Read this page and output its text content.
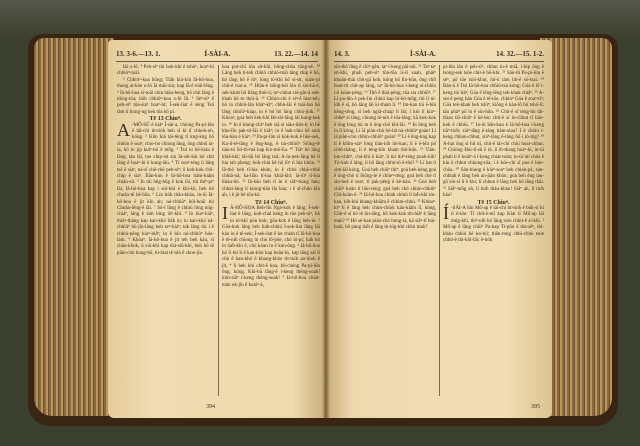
13. 3-6.—13. 1.	Í-SÀI-A.	13. 22.—14. 14

lâi o-lô. ⁴ Peh-sìⁿ tùi hok-khì ê tshùⁿ, hoaⁿ-hí chhiòⁿ-toāi.

⁵ Chhiòⁿ-koa hōng; Tiāh kiù-kiù Iâ-hô-hoa, thong ai-kòe o-lô Iâ mūi-sin; kap Iâ-ê toāi-lêng. ⁶ Iâ-hô-hoa sī-toāi chin hiān-beng, hō chit lāng ê tiōng-tōa; tióh chhiòⁿ-koa o-lô Iâ. ⁶ Sèⁿ-sìⁿ ê peh-sìⁿ tōa-siaⁿ hoaⁿ-hí; Í-sek-liat ê sèng Tsú tàm tī tiong-ng kek tōa hō pí.

Tē 13 Chiuⁿ.

A -MÔ-SÛ ê kiáⁿ Í-sài-a, chiong Pa-pí-lûn ê tāi-chì tit-tióh beh sí kì tī chhoh-oh, kóng. ² Kûn kiâ tāi-tēng tī kng-kng hō chhùn ê soaⁿ; chio-ho chiong lâng, ōng chhiú ia-ia, hō in jíp kuiⁿ-bō ê mn̂g. ³ Tsú to bē-kiàn ê lâng, tāu lâi, toe chip-sit sin Iâ-sût-kài hō chit lâng ê hoaⁿ-hí ê kong-iāu. ⁴ Tī soaⁿ-téng ū lâng tsē ê siaⁿ, ná-sī chē-chē peh-sìⁿ; ū kok-kok chū-chip ê siaⁿ. Bān-kun ê Iâ-hô-hoa tiám-kiám chiàn-sū. ⁵ In tùi hn̄g-hn̄g ê kok lâi, tùi thiⁿ-piⁿ lâi, Iâ-hô-hoa kap i siū-khì ê khì-kū, beh hō choân-tē bê-bôa. ⁶ Lín tióh thâu-khàu, in-ūi Iâ-hô-hoa ê jit kīn ah; ná-chhiūⁿ húi-hoāi tùi Choân-lêng-ê lâi. ⁷ Só͘-í lâng ê chhiú lóng nńg-chiáⁿ, lâng ê sim lóng iûⁿ-khì. ⁸ In kiaⁿ-hiâⁿ, thiàⁿ-thàng kap kan-khó͘ liâh in; in kan-khó͘ ná-chhiūⁿ hū-jîn-lâng beh seⁿ-kiáⁿ; ta̍k lâng tùi i ê chhiú-pêng kiaⁿ-hiâⁿ; in ê bīn ná-chhiūⁿ hóe-iām. ⁹ Khòaⁿ, Iâ-hô-hoa ê jit teh beh kàu, sī chàn-khok, ū siū-khì kap tōa-siū-khì, beh hō tē piàn-chò hong-bô, tû-biat tē-nih ê choe-jîn.

hoa put-chí tōa sit-khì, bōng-chōa tông-sê. ²⁴ Lâng beh tī-teh chhiò chhiò-toāi lâng chip ê hō, hō lâng hō ê iûⁿ, lóng tō-khì hō sí-sit, siám-pí chit-ê tsai-a. ²⁵ Hiān-ê tiōng-kèi lâu tī sió-hā-ê, sek-khah hō liâng thói-ū; taⁿ-chhut sió-gín-á sek-khah hō to thói-ū. ²⁶ Chhiò-chi ê sìⁿ-ê hiat-teh; hō in chhiú-lân khàⁿ-kìⁿ; chhù-lāi ê tsái-lan hō lâng chhiûⁿ-kiap, in ê bó͘ hō lâng chhú-jio̍k. ²⁷ Khòaⁿ, goá beh kek-khí Bé-tāi-lâng lâi kong-kek in. ²⁸ In ê kiong-chìⁿ beh siā sí siàu-liân-ê; in bē kho͘-lîn pak-tó͘-lāi ê kiáⁿ; in ê bak-chiu bē sioh tōa-hàn ê kiáⁿ. ²⁹ Pa-pí-lûn sī kok-kok ê hôe-sek, Ka-lí-tè-lâng ê êng-kng, ē ná-chhiūⁿ Siōng-tè tián-tó Só͘-tô͘-má kap Ko-mô͘-lia. ³⁰ Tiāⁿ bô lâng khiā-khí; tāi-tāi bô lâng toā; A-la-pek-lâng bē tī hia tah pheng; bo͘k-chiá bē hō iûⁿ tī hia khùn. ³¹ Iā-thò͘ beh tī-hia khùn, in ê chhù chhē-chhē chhiâ-nâ; ka-liâu tī-hia khiā-khí; iâ-iûⁿ tī-hia thiàu-bú. ³² Iā-káu beh tī in ê siâⁿ-tiong háu; chhài-láng tī kiong-tiān lâi háu; i ê sî-chūn kīn ah, i ê jit bē tôa-kú.

Tē 14 Chiuⁿ.

I Â-HÔ-HOA Beh-lîn Ngá-kok ê lâng, Í-sek-liat ê lâng, koh-chài kéng in tōe peh-sìⁿ, hō in tó-khì pún kok; gōa-kok ê lâng beh-in. ² Gōa-kok lâng beh lia̍h-chhiú Í-sek-liat lâng lāi kàu in ê tē-sek; Í-sek-liat ê ke chiah tī Iâ-hô-hoa ê tē-nih chiong in chò lô͘-pōe, chò lú-pí; lia̍h hō in lia̍h-khì ê, chò kóan in ê kun-ông. ³ Iâ-hô-hoa hō lí tùi lí ê kan-khó͘ kap hoân-ló, kap lâng sái lí chò ê kan-khó͘ ê khang-khòe tit-tio̍h an-hioh ê jit, ⁴ lí beh khí chit-ê koa, bô-chéng Pa-pí-lûn ông, kóng, Khi-hū lâng-ê í-keng thêng-soah! kim-siâⁿ í-keng thêng-soah! ⁵ Iâ-hô-hoa chiat-toān ok-jîn ê koáiⁿ-á,

394
14. 3.	Í-SÀI-A.	14. 32.—15. 1-2.

sìn-thó͘ lâng ê chìⁿ-gêu, taⁿ í-keng pâi-sài. ¹⁵ Taⁿ-taⁿ sit-khì, phah peh-sìⁿ tōa-tōa ū-sî soah, phâiⁿ khoân-thái chit-gā͘ koh, kóng hō lîn-hûn, ōng chi̍t boat-tit chit-ap lâng, taⁿ Iâ-hô-hoa í-keng sí-chhìn í-ê kóan-pêng. ¹⁶ Thô͘ ê thái-pêng; tōa sia chhiûⁿ. ¹⁷ Lí-pa-lûn ê pek-liu chhiú kap ló͘-hō-mn̄g; tùi lí tó-lo̍h ê sî, bô lâng lâi kì-tham lí. ¹⁸ Im-kan tùi ē-bīn kèng-tōng, sī beh ngiâ-chiap lí lâi; i kiò lí kiaⁿ-chhéⁿ sí lâng, chiong tē-nih ê tōa-lâng; kā kok-kok ê ông lóng tùi in ê ông-chō khí-lâi. ¹⁹ In lóng beh ìn lí kóng, Lí iā piàn-chò bô-la̍t ná-chhiūⁿ goán! Lí iā piàn-chò chhin-chhiūⁿ goán! ²⁰ Lí ê êng-kng kap lí ê khîm-siaⁿ lóng tiân-lo̍h im-kan; lí ê ē-bīn pó͘ chhì-thâng, lí ê téng-bīn kham thô͘-kûn. ²¹ Tiān-bin-chhiⁿ, chá-khí ê kiáⁿ, lí tùi thiⁿ-téng poah-lo̍h! Tó-kok ê lâng, lí hō lâng chhò͘-tó ē-thô͘! ²² Lí bat tī sim-lāi kóng, Goá beh chiūⁿ thiⁿ; goá beh kéng goá ê ông-chō tī Siōng-tè ê chheⁿ-téng; goá beh chē tī sin-hoē ê soaⁿ, tī pak-pêng ê kè-kàu. ²³ Goá beh chiūⁿ koân tī hûn-téng; goá beh chò chhin-chhiūⁿ Chì-koân-ê. ²⁴ Iâ-hô-hoa chiah chhiò lí lo̍h-khì im-kan, lo̍h-khì khang-khiām ê chhim-chhù. ²⁵ Khòaⁿ-kìⁿ lí ê lâng beh chim-chiok kàu-kiâm lí, kóng, Chit-ê sī hō tē tín-tāng, hō kok-kok tín-hiâⁿ ê lâng mah? ²⁶ Hō sè-kan piàn-chò hong-iá, kā siâⁿ-tî húi-hoāi, bô pàng lia̍h ê lâng tò-tńg-khì chhù mah?

pí-lûn lâu ê peh-sìⁿ, chhut in-ê miâ, í-kip ōng ê tsong-sek tsōe chit-ê bô-khì. ²³ Sàu-tû Pa-pí-lûn ê sèⁿ, pō͘ tōe tsòi-khut, hō-ū tám bit-ê sò͘-tsai. ²⁴ Bān-ū ê Tsú Iâ-hô-hoa chhiú-tsà kóng; Góa ê lō͘ í-keng tiō tiāⁿ; Góa ê lêng-lêng tek-khak chiâⁿ. ²⁵ A-sut ê peng hān Góa ê tē-tōe, chhiòⁿ Góa ê soaⁿ-tíⁿ; Góa tek-khak beh tshìⁿ; kiōng ê kàu-lô hō tshó͘-lī; tâu pháⁿ pò͘ in ê sin-hūn. ²⁶ Chit-ê sī tèng-hō tâi-thian tāi-chiâⁿ ê kè-bu; chit-ê sī ín-chhut tī bān-kok ê chhiú. ²⁷ In-ūi bān-kun ê Iâ-hô-hoa í-keng tiāⁿ-tio̍h; siáⁿ-lâng ē-tàng tiám-siau? I ê chhiú í-keng chhun-chhut, siáⁿ-lâng ē-tàng hō i tò-tńg? ²⁸ A-hat ông sí hit nî, chit-ê tāi-chì chiū hoat-chhut. ²⁹ Chiòng Hui-li-sū ê tē, lí m̄-thang hoaⁿ-hí, in-ūi phah lí ê koáiⁿ-á í-keng chiat-toān; in-ūi tùi chôa ê kin ē chhut chhong-tôa; i ê kóe-chí sī poe ê hóe-chôa. ³⁰ Sàn-hiong ê kiáⁿ-soaⁿ beh chiah-pá; sàn-chhiah ê lâng beh an-jiân khùn; goá beh ēng iau-gō͘ sio-sí lí ê kin; lí chhun ê lâng beh hō lâng thâi. ³¹ Siâⁿ-mn̂g ah, lí tio̍h thâu-khàu! Siâⁿ ah, lí tio̍h háu!

Tē 15 Chiuⁿ.

Í -SÀI-A lūn Mô͘-ap ê tāi-chì tit-tio̍h ê bók-sī kì tī ē-tóe. Tī chi̍t-ē-mî kap Kiat tī Mô͘-ap lâi mńg-khì, thiⁿ-ni̍h hō͘ lâng tsòe chhit-ê sí-khì. ² Mô͘-ap ê lâng chiūⁿ Pa-kap Ti-pûn ê tōa-sêⁿ, thì-khàu chhiú bē ko͘-tòi; thâu-mng chhì-chhù tsòe chhit-ê thì-khì-lâi; ê-tióh

395
